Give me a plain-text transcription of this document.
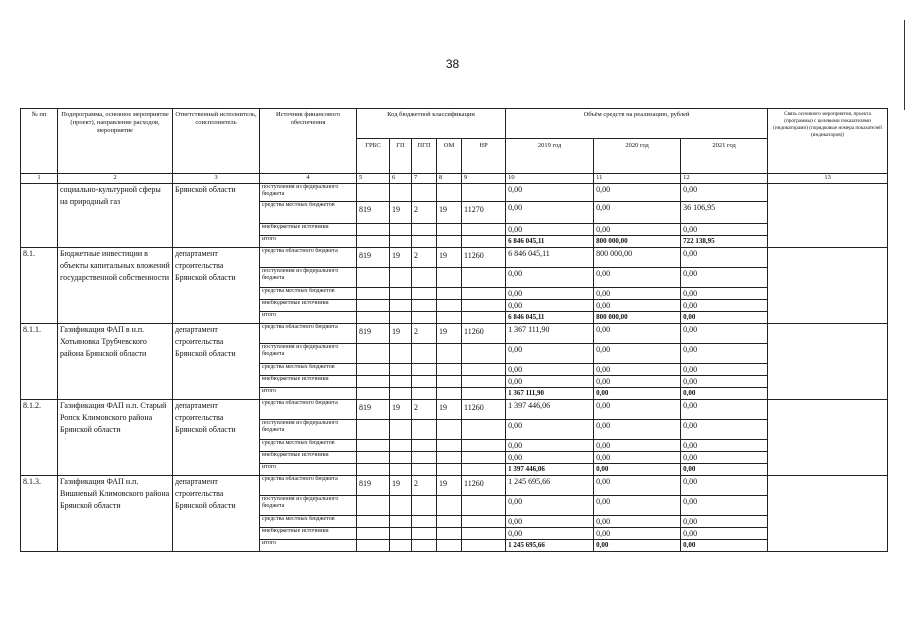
38
№ пп	Подпрограмма, основное мероприятие (проект), направление расходов, мероприятие	Ответственный исполнитель, соисполнитель	Источник финансового обеспечения	Код бюджетной классификации					Объём средств на реализацию, рублей			Связь основного мероприятия, проекта (программы) с целевыми показателями (индикаторами) (порядковые номера показателей (индикаторов))
				ГРБС	ГП	ПГП	ОМ	НР	2019 год	2020 год	2021 год	
1	2	3	4	5	6	7	8	9	10	11	12	13
	социально-культурной сферы на природный газ	Брянской области	поступления из федерального бюджета						0,00	0,00	0,00	
			средства местных бюджетов	819	19	2	19	11270	0,00	0,00	36 106,95	
			внебюджетные источники						0,00	0,00	0,00	
			итого						6 846 045,11	800 000,00	722 138,95	
8.1.	Бюджетные инвестиции в объекты капитальных вложений государственной собственности	департамент строительства Брянской области	средства областного бюджета	819	19	2	19	11260	6 846 045,11	800 000,00	0,00	
			поступления из федерального бюджета						0,00	0,00	0,00	
			средства местных бюджетов						0,00	0,00	0,00	
			внебюджетные источники						0,00	0,00	0,00	
			итого						6 846 045,11	800 000,00	0,00	
8.1.1.	Газификация ФАП в н.п. Хотьяновка Трубчевского района Брянской области	департамент строительства Брянской области	средства областного бюджета	819	19	2	19	11260	1 367 111,90	0,00	0,00	
			поступления из федерального бюджета						0,00	0,00	0,00	
			средства местных бюджетов						0,00	0,00	0,00	
			внебюджетные источники						0,00	0,00	0,00	
			итого						1 367 111,90	0,00	0,00	
8.1.2.	Газификация ФАП н.п. Старый Ропск Климовского района Брянской области	департамент строительства Брянской области	средства областного бюджета	819	19	2	19	11260	1 397 446,06	0,00	0,00	
			поступления из федерального бюджета						0,00	0,00	0,00	
			средства местных бюджетов						0,00	0,00	0,00	
			внебюджетные источники						0,00	0,00	0,00	
			итого						1 397 446,06	0,00	0,00	
8.1.3.	Газификация ФАП н.п. Вишневый Климовского района Брянской области	департамент строительства Брянской области	средства областного бюджета	819	19	2	19	11260	1 245 695,66	0,00	0,00	
			поступления из федерального бюджета						0,00	0,00	0,00	
			средства местных бюджетов						0,00	0,00	0,00	
			внебюджетные источники						0,00	0,00	0,00	
			итого						1 245 695,66	0,00	0,00	
